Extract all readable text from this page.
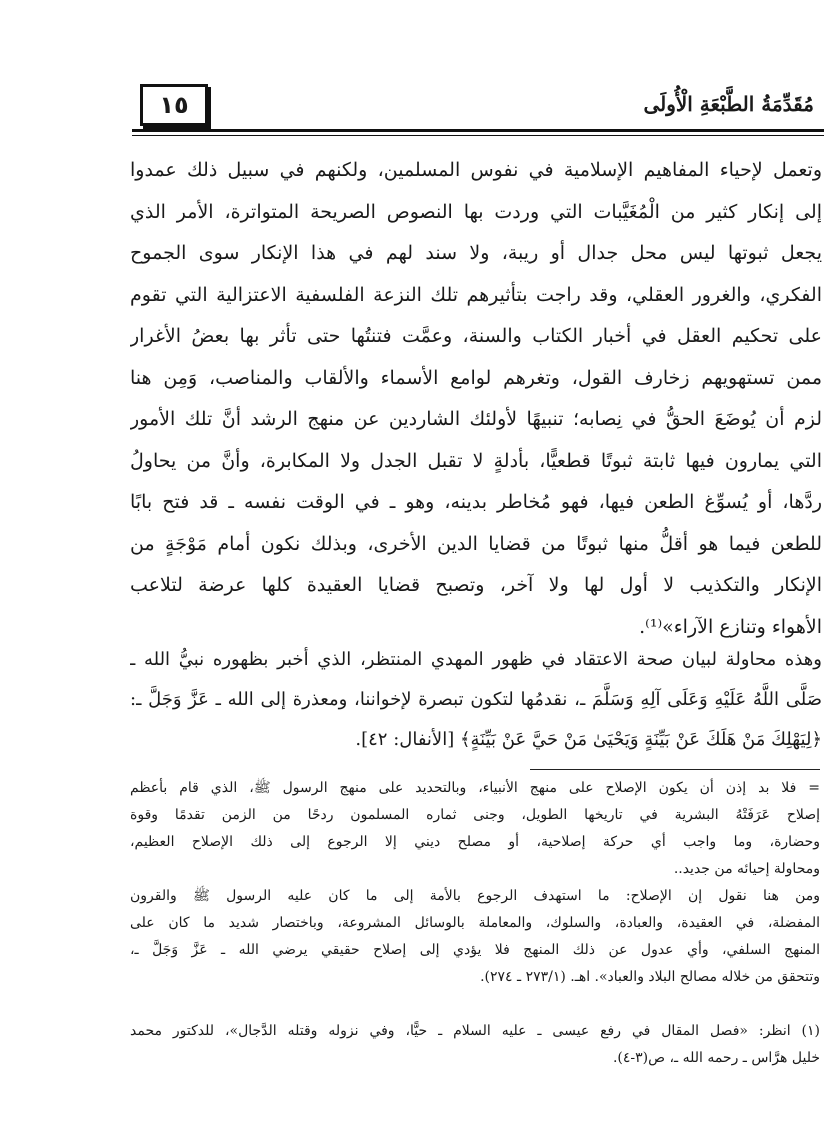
١٥	مُقَدِّمَةُ الطَّبْعَةِ الْأُولَى
وتعمل لإحياء المفاهيم الإسلامية في نفوس المسلمين، ولكنهم في سبيل ذلك عمدوا
إلى إنكار كثير من الْمُغَيَّبات التي وردت بها النصوص الصريحة المتواترة، الأمر الذي
يجعل ثبوتها ليس محل جدال أو ريبة، ولا سند لهم في هذا الإنكار سوى الجموح
الفكري، والغرور العقلي، وقد راجت بتأثيرهم تلك النزعة الفلسفية الاعتزالية التي تقوم
على تحكيم العقل في أخبار الكتاب والسنة، وعمَّت فتنتُها حتى تأثر بها بعضُ الأغرار
ممن تستهويهم زخارف القول، وتغرهم لوامع الأسماء والألقاب والمناصب، وَمِن هنا
لزم أن يُوضَعَ الحقُّ في نِصابه؛ تنبيهًا لأولئك الشاردين عن منهج الرشد أنَّ تلك الأمور
التي يمارون فيها ثابتة ثبوتًا قطعيًّا، بأدلةٍ لا تقبل الجدل ولا المكابرة، وأنَّ من يحاولُ
ردَّها، أو يُسوِّغ الطعن فيها، فهو مُخاطر بدينه، وهو ـ في الوقت نفسه ـ قد فتح بابًا
للطعن فيما هو أقلُّ منها ثبوتًا من قضايا الدين الأخرى، وبذلك نكون أمام مَوْجَةٍ من
الإنكار والتكذيب لا أول لها ولا آخر، وتصبح قضايا العقيدة كلها عرضة لتلاعب
الأهواء وتنازع الآراء»⁽¹⁾.
وهذه محاولة لبيان صحة الاعتقاد في ظهور المهدي المنتظر، الذي أخبر بظهوره نبيُّ الله ـ
صَلَّى اللَّهُ عَلَيْهِ وَعَلَى آلِهِ وَسَلَّمَ ـ، نقدمُها لتكون تبصرة لإخواننا، ومعذرة إلى الله ـ عَزَّ وَجَلَّ ـ:
﴿لِيَهْلِكَ مَنْ هَلَكَ عَنْ بَيِّنَةٍ وَيَحْيَىٰ مَنْ حَيَّ عَنْ بَيِّنَةٍ﴾ [الأنفال: ٤٢].
= فلا بد إذن أن يكون الإصلاح على منهج الأنبياء، وبالتحديد على منهج الرسول ﷺ، الذي قام بأعظم
إصلاح عَرَفَتْهُ البشرية في تاريخها الطويل، وجنى ثماره المسلمون ردحًا من الزمن تقدمًا وقوة
وحضارة، وما واجب أي حركة إصلاحية، أو مصلح ديني إلا الرجوع إلى ذلك الإصلاح العظيم،
ومحاولة إحيائه من جديد..
ومن هنا نقول إن الإصلاح: ما استهدف الرجوع بالأمة إلى ما كان عليه الرسول ﷺ والقرون
المفضلة، في العقيدة، والعبادة، والسلوك، والمعاملة بالوسائل المشروعة، وباختصار شديد ما كان على
المنهج السلفي، وأي عدول عن ذلك المنهج فلا يؤدي إلى إصلاح حقيقي يرضي الله ـ عَزَّ وَجَلَّ ـ،
وتتحقق من خلاله مصالح البلاد والعباد». اهـ. (٢٧٣/١ ـ ٢٧٤).
(١) انظر: «فصل المقال في رفع عيسى ـ عليه السلام ـ حيًّا، وفي نزوله وقتله الدَّجال»، للدكتور محمد
خليل هرَّاس ـ رحمه الله ـ، ص(٣-٤).
